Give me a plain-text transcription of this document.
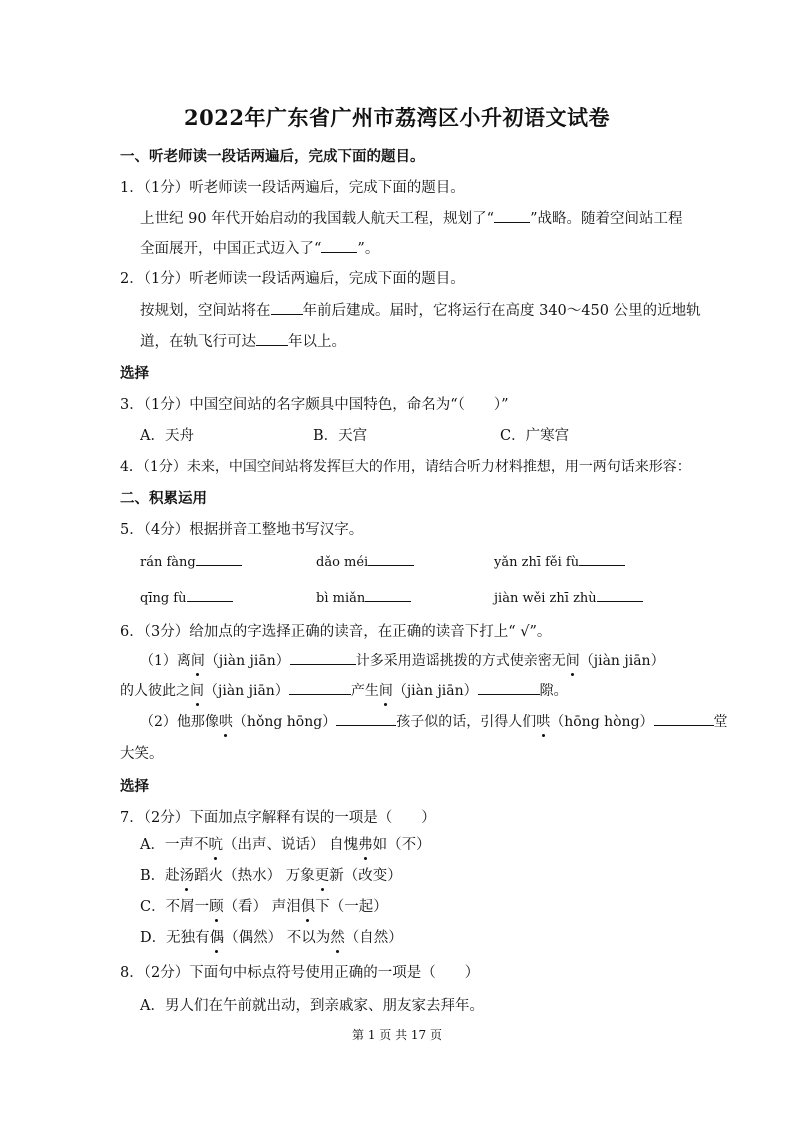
2022年广东省广州市荔湾区小升初语文试卷
一、听老师读一段话两遍后，完成下面的题目。
1．（1分）听老师读一段话两遍后，完成下面的题目。
上世纪 90 年代开始启动的我国载人航天工程，规划了“ ”战略。随着空间站工程
全面展开，中国正式迈入了“ ”。
2．（1分）听老师读一段话两遍后，完成下面的题目。
按规划，空间站将在 年前后建成。届时，它将运行在高度 340～450 公里的近地轨
道，在轨飞行可达 年以上。
选择
3．（1分）中国空间站的名字颇具中国特色，命名为“（　　）”
A．天舟	B．天宫	C．广寒宫
4．（1分）未来，中国空间站将发挥巨大的作用，请结合听力材料推想，用一两句话来形容：
二、积累运用
5．（4分）根据拼音工整地书写汉字。
rán fàng	dǎo méi	yǎn zhī fěi fù
qīng fù	bì miǎn	jiàn wěi zhī zhù
6．（3分）给加点的字选择正确的读音，在正确的读音下打上“ √”。
（1）离间（jiàn jiān）	计多采用造谣挑拨的方式使亲密无间（jiàn jiān）
的人彼此之间（jiàn jiān）	产生间（jiàn jiān）	隙。
（2）他那像哄（hǒng hōng）	孩子似的话，引得人们哄（hōng hòng）	堂
大笑。
选择
7．（2分）下面加点字解释有误的一项是（　　）
A．一声不吭（出声、说话） 自愧弗如（不）
B．赴汤蹈火（热水） 万象更新（改变）
C．不屑一顾（看） 声泪俱下（一起）
D．无独有偶（偶然） 不以为然（自然）
8．（2分）下面句中标点符号使用正确的一项是（　　）
A．男人们在午前就出动，到亲戚家、朋友家去拜年。
第 1 页 共 17 页
